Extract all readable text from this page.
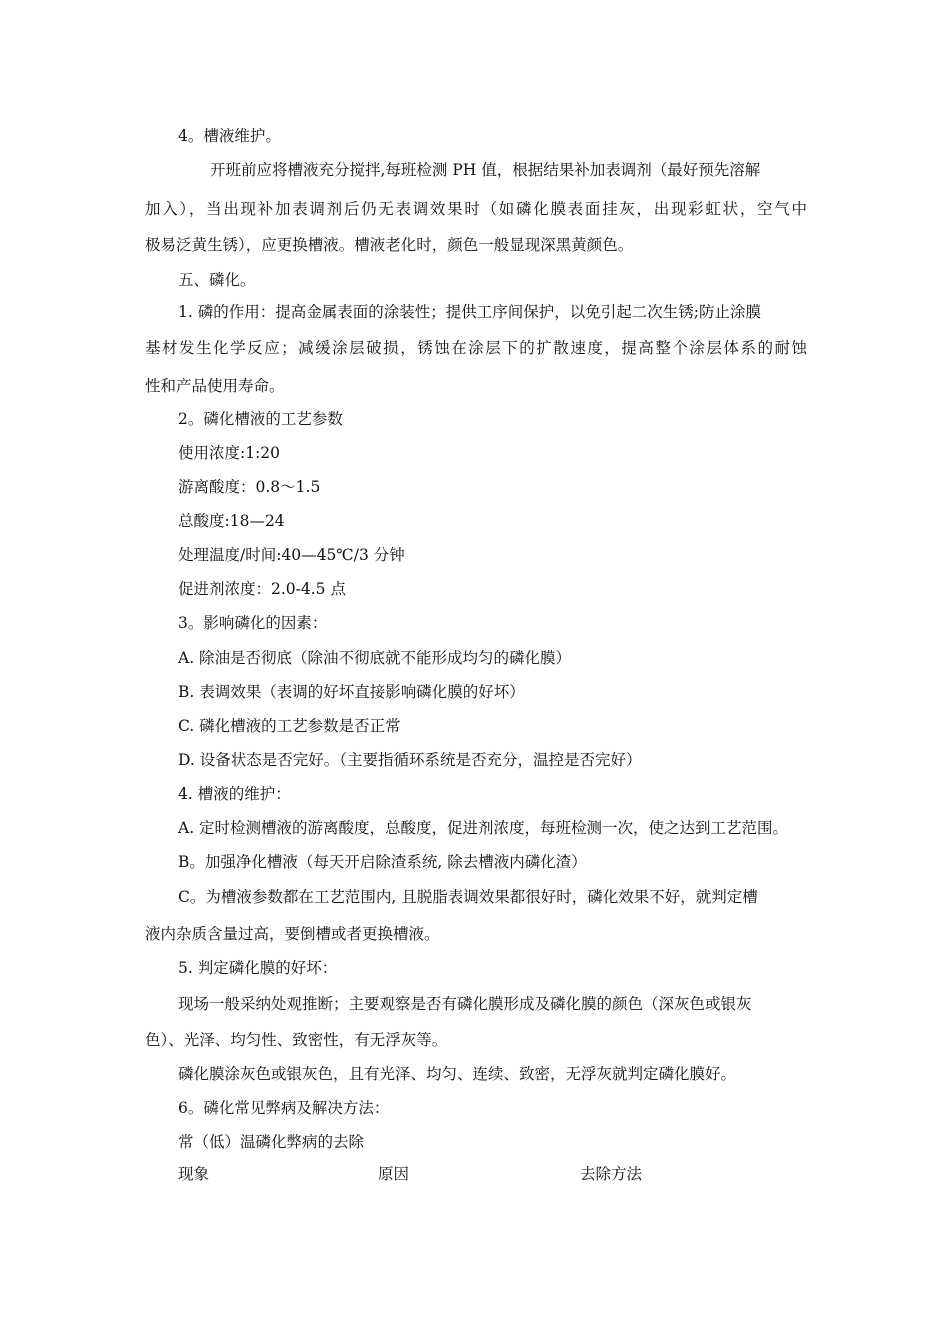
4。槽液维护。
开班前应将槽液充分搅拌,每班检测 PH 值，根据结果补加表调剂（最好预先溶解
加入），当出现补加表调剂后仍无表调效果时（如磷化膜表面挂灰，出现彩虹状，空气中
极易泛黄生锈），应更换槽液。槽液老化时，颜色一般显现深黑黄颜色。
五、磷化。
1. 磷的作用：提高金属表面的涂装性；提供工序间保护，以免引起二次生锈;防止涂膜
基材发生化学反应；减缓涂层破损，锈蚀在涂层下的扩散速度，提高整个涂层体系的耐蚀
性和产品使用寿命。
2。磷化槽液的工艺参数
使用浓度:1:20
游离酸度：0.8～1.5
总酸度:18—24
处理温度/时间:40—45℃/3 分钟
促进剂浓度：2.0-4.5 点
3。影响磷化的因素：
A. 除油是否彻底（除油不彻底就不能形成均匀的磷化膜）
B. 表调效果（表调的好坏直接影响磷化膜的好坏）
C. 磷化槽液的工艺参数是否正常
D. 设备状态是否完好。（主要指循环系统是否充分，温控是否完好）
4. 槽液的维护：
A. 定时检测槽液的游离酸度，总酸度，促进剂浓度，每班检测一次，使之达到工艺范围。
B。加强净化槽液（每天开启除渣系统, 除去槽液内磷化渣）
C。为槽液参数都在工艺范围内, 且脱脂表调效果都很好时，磷化效果不好，就判定槽
液内杂质含量过高，要倒槽或者更换槽液。
5. 判定磷化膜的好坏：
现场一般采纳处观推断；主要观察是否有磷化膜形成及磷化膜的颜色（深灰色或银灰
色）、光泽、均匀性、致密性，有无浮灰等。
磷化膜涂灰色或银灰色，且有光泽、均匀、连续、致密，无浮灰就判定磷化膜好。
6。磷化常见弊病及解决方法：
常（低）温磷化弊病的去除
现象	原因	去除方法
